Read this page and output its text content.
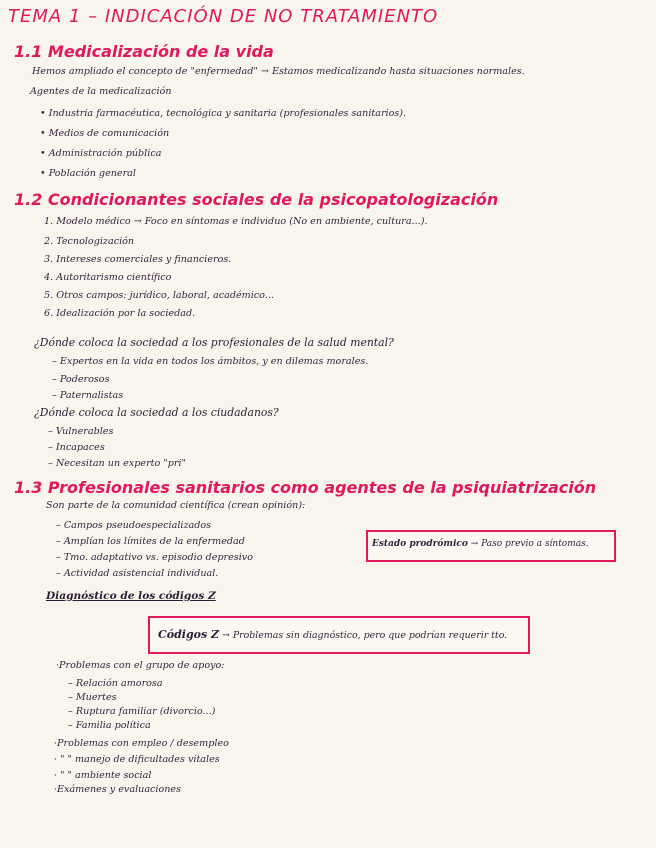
TEMA 1 – INDICACIÓN DE NO TRATAMIENTO
1.1 Medicalización de la vida
Hemos ampliado el concepto de "enfermedad" → Estamos medicalizando hasta situaciones normales.
Agentes de la medicalización
• Industria farmacéutica, tecnológica y sanitaria (profesionales sanitarios).
• Medios de comunicación
• Administración pública
• Población general
1.2 Condicionantes sociales de la psicopatologización
1. Modelo médico → Foco en síntomas e individuo (No en ambiente, cultura...).
2. Tecnologización
3. Intereses comerciales y financieros.
4. Autoritarismo científico
5. Otros campos: jurídico, laboral, académico...
6. Idealización por la sociedad.
¿Dónde coloca la sociedad a los profesionales de la salud mental?
– Expertos en la vida en todos los ámbitos, y en dilemas morales.
– Poderosos
– Paternalistas
¿Dónde coloca la sociedad a los ciudadanos?
– Vulnerables
– Incapaces
– Necesitan un experto "pri"
1.3 Profesionales sanitarios como agentes de la psiquiatrización
Son parte de la comunidad científica (crean opinión):
– Campos pseudoespecializados
– Amplían los límites de la enfermedad
– Tmo. adaptativo vs. episodio depresivo
– Actividad asistencial individual.
Estado prodrómico → Paso previo a síntomas.
Diagnóstico de los códigos Z
Códigos Z → Problemas sin diagnóstico, pero que podrían requerir tto.
·Problemas con el grupo de apoyo:
– Relación amorosa
– Muertes
– Ruptura familiar (divorcio...)
– Familia política
·Problemas con empleo / desempleo
· " " manejo de dificultades vitales
· " " ambiente social
·Exámenes y evaluaciones
